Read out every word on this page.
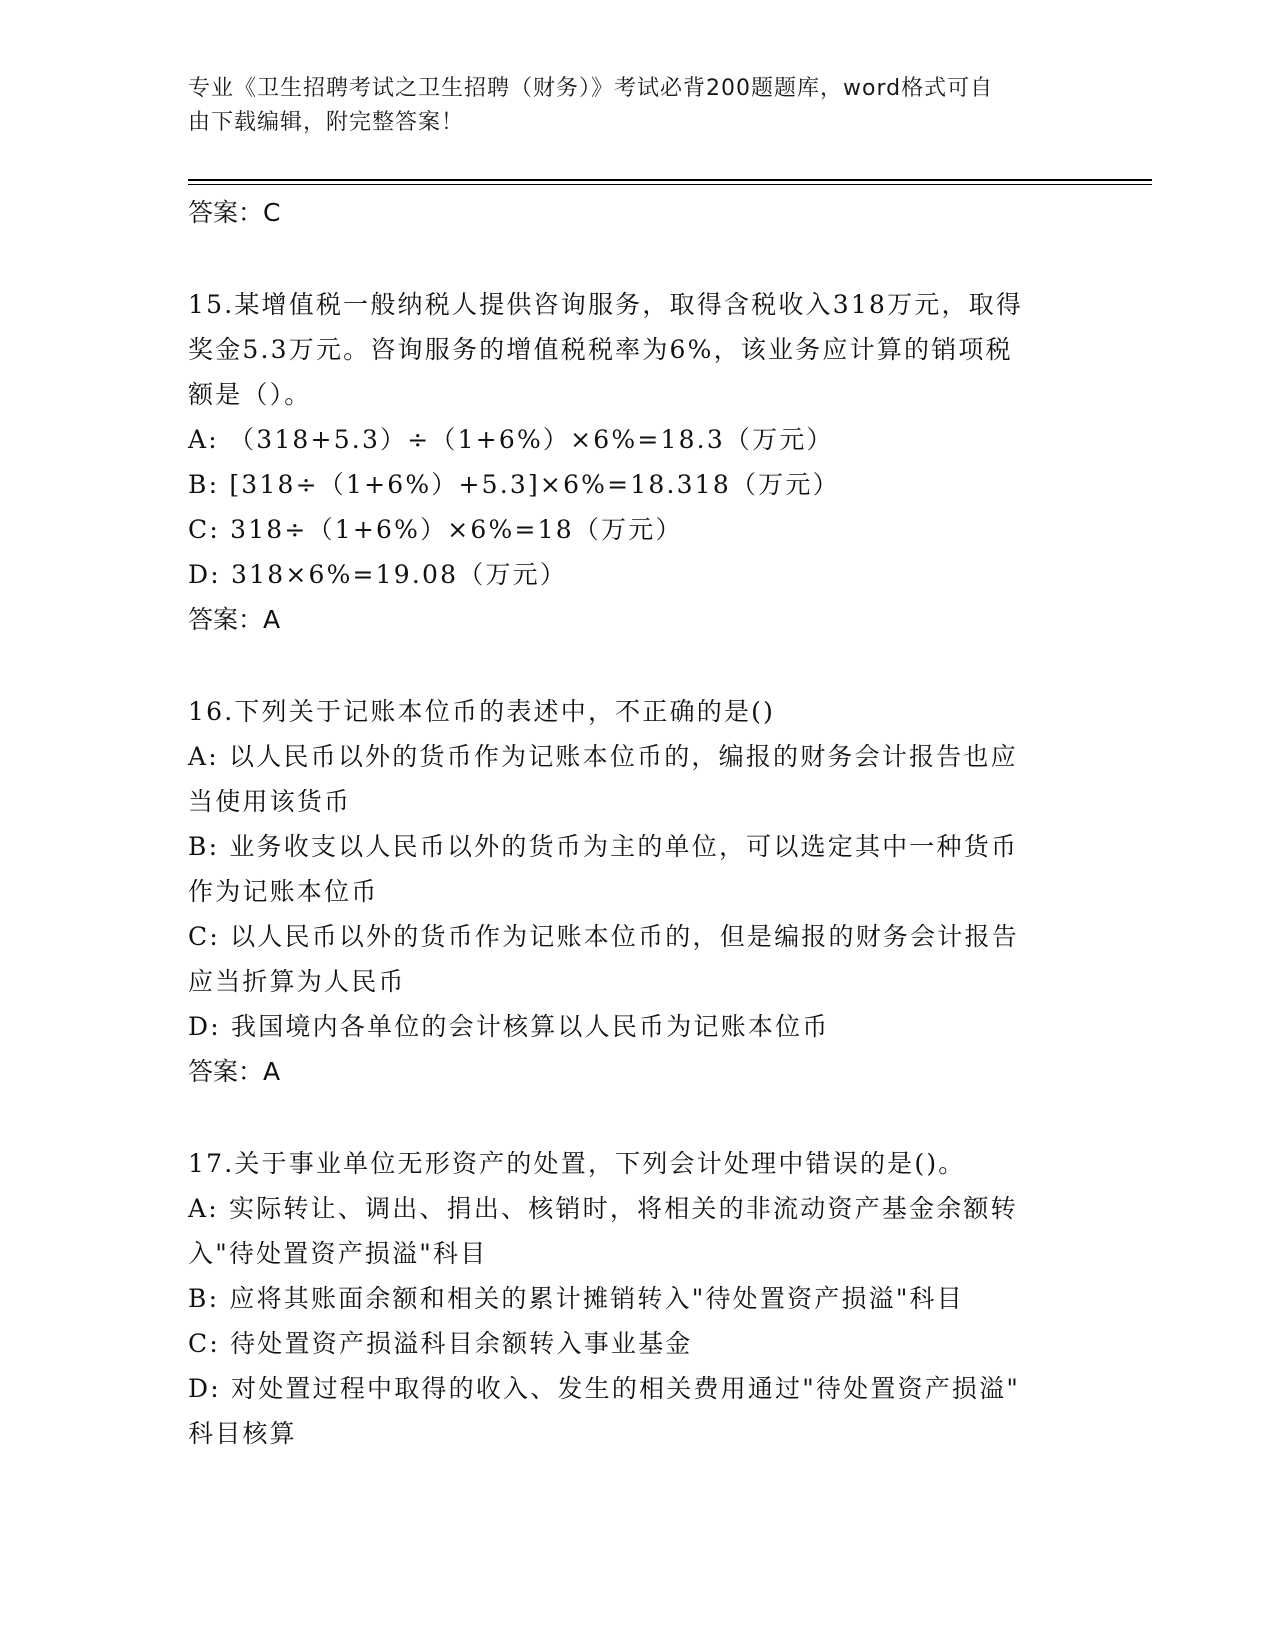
专业《卫生招聘考试之卫生招聘（财务）》考试必背200题题库，word格式可自
由下载编辑，附完整答案！
答案：C
15.某增值税一般纳税人提供咨询服务，取得含税收入318万元，取得
奖金5.3万元。咨询服务的增值税税率为6%，该业务应计算的销项税
额是（）。
A: （318+5.3）÷（1+6%）×6%=18.3（万元）
B: [318÷（1+6%）+5.3]×6%=18.318（万元）
C: 318÷（1+6%）×6%=18（万元）
D: 318×6%=19.08（万元）
答案：A
16.下列关于记账本位币的表述中，不正确的是()
A: 以人民币以外的货币作为记账本位币的，编报的财务会计报告也应
当使用该货币
B: 业务收支以人民币以外的货币为主的单位，可以选定其中一种货币
作为记账本位币
C: 以人民币以外的货币作为记账本位币的，但是编报的财务会计报告
应当折算为人民币
D: 我国境内各单位的会计核算以人民币为记账本位币
答案：A
17.关于事业单位无形资产的处置，下列会计处理中错误的是()。
A: 实际转让、调出、捐出、核销时，将相关的非流动资产基金余额转
入"待处置资产损溢"科目
B: 应将其账面余额和相关的累计摊销转入"待处置资产损溢"科目
C: 待处置资产损溢科目余额转入事业基金
D: 对处置过程中取得的收入、发生的相关费用通过"待处置资产损溢"
科目核算
